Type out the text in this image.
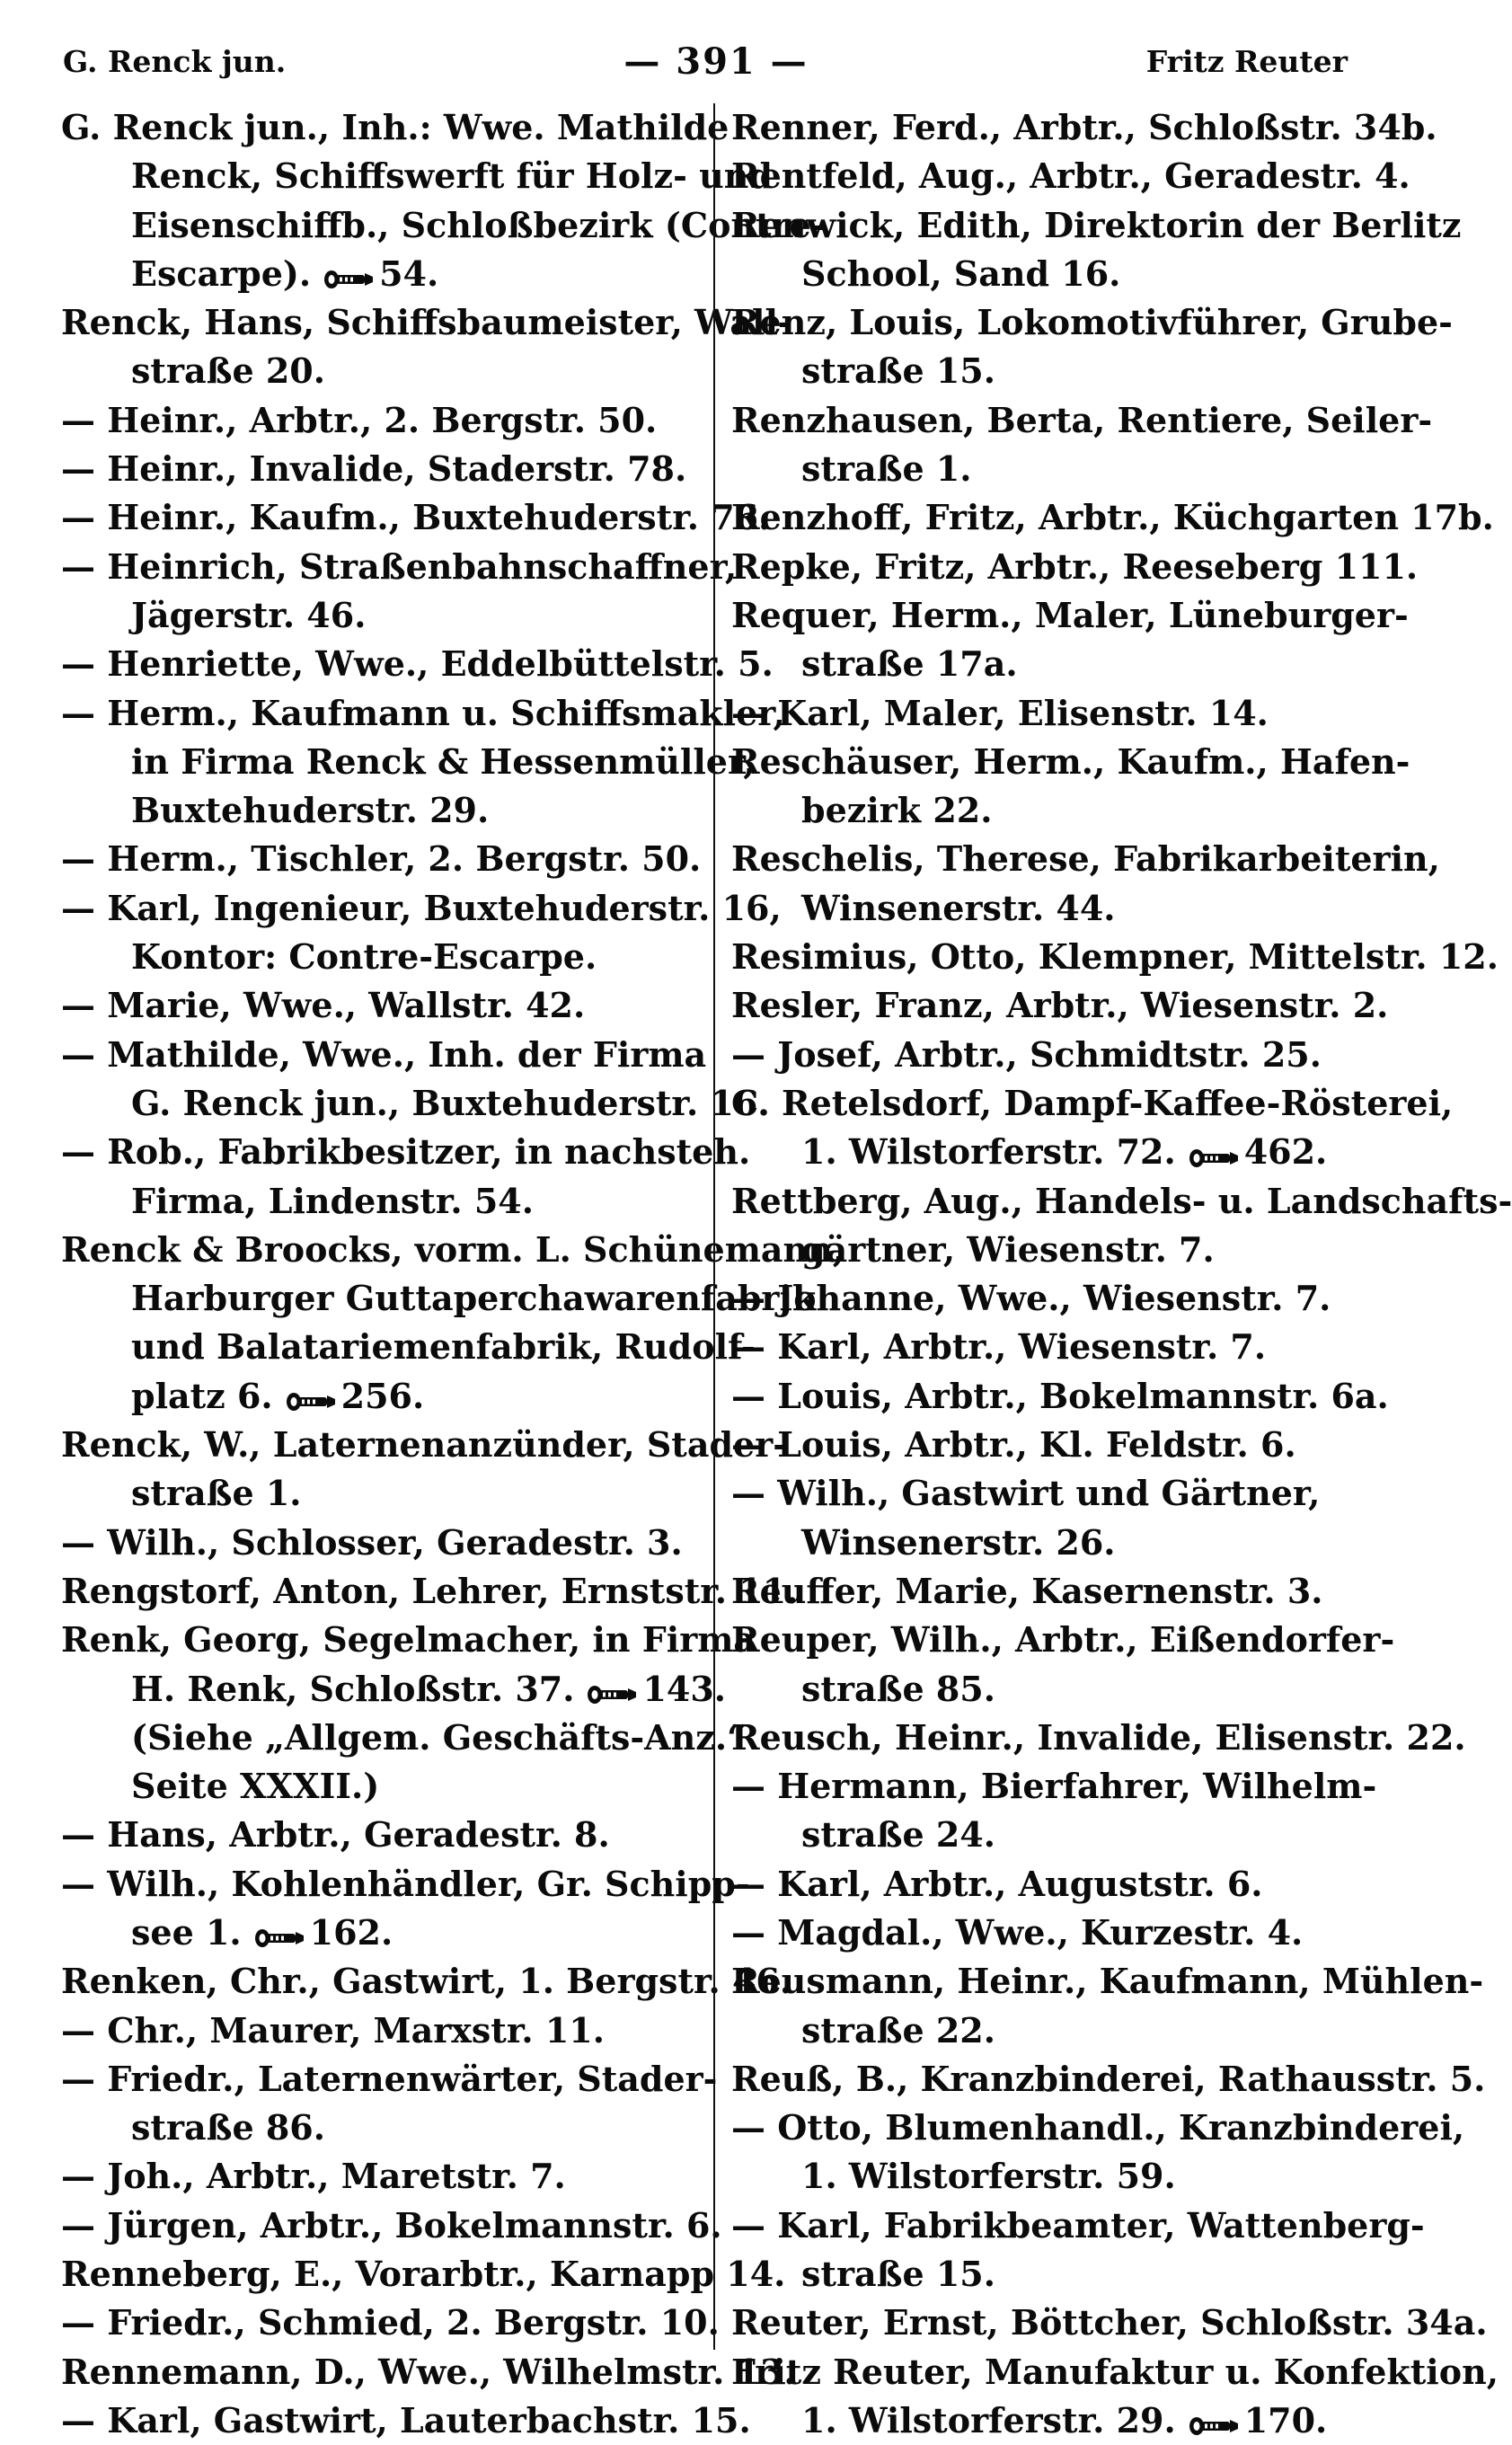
G. Renck jun.	— 391 —	Fritz Reuter
G. Renck jun., Inh.: Wwe. Mathilde
Renck, Schiffswerft für Holz- und
Eisenschiffb., Schloßbezirk (Contre-
Escarpe). 54.
Renck, Hans, Schiffsbaumeister, Wall-
straße 20.
— Heinr., Arbtr., 2. Bergstr. 50.
— Heinr., Invalide, Staderstr. 78.
— Heinr., Kaufm., Buxtehuderstr. 76.
— Heinrich, Straßenbahnschaffner,
Jägerstr. 46.
— Henriette, Wwe., Eddelbüttelstr. 5.
— Herm., Kaufmann u. Schiffsmakler,
in Firma Renck & Hessenmüller,
Buxtehuderstr. 29.
— Herm., Tischler, 2. Bergstr. 50.
— Karl, Ingenieur, Buxtehuderstr. 16,
Kontor: Contre-Escarpe.
— Marie, Wwe., Wallstr. 42.
— Mathilde, Wwe., Inh. der Firma
G. Renck jun., Buxtehuderstr. 16.
— Rob., Fabrikbesitzer, in nachsteh.
Firma, Lindenstr. 54.
Renck & Broocks, vorm. L. Schünemann,
Harburger Guttaperchawarenfabrik
und Balatariemenfabrik, Rudolf-
platz 6. 256.
Renck, W., Laternenanzünder, Stader-
straße 1.
— Wilh., Schlosser, Geradestr. 3.
Rengstorf, Anton, Lehrer, Ernststr. 11.
Renk, Georg, Segelmacher, in Firma
H. Renk, Schloßstr. 37. 143.
(Siehe „Allgem. Geschäfts-Anz.“
Seite XXXII.)
— Hans, Arbtr., Geradestr. 8.
— Wilh., Kohlenhändler, Gr. Schipp-
see 1. 162.
Renken, Chr., Gastwirt, 1. Bergstr. 46.
— Chr., Maurer, Marxstr. 11.
— Friedr., Laternenwärter, Stader-
straße 86.
— Joh., Arbtr., Maretstr. 7.
— Jürgen, Arbtr., Bokelmannstr. 6.
Renneberg, E., Vorarbtr., Karnapp 14.
— Friedr., Schmied, 2. Bergstr. 10.
Rennemann, D., Wwe., Wilhelmstr. 13.
— Karl, Gastwirt, Lauterbachstr. 15.
Renner, Ferd., Arbtr., Schloßstr. 34b.
Rentfeld, Aug., Arbtr., Geradestr. 4.
Renwick, Edith, Direktorin der Berlitz
School, Sand 16.
Renz, Louis, Lokomotivführer, Grube-
straße 15.
Renzhausen, Berta, Rentiere, Seiler-
straße 1.
Renzhoff, Fritz, Arbtr., Küchgarten 17b.
Repke, Fritz, Arbtr., Reeseberg 111.
Requer, Herm., Maler, Lüneburger-
straße 17a.
— Karl, Maler, Elisenstr. 14.
Reschäuser, Herm., Kaufm., Hafen-
bezirk 22.
Reschelis, Therese, Fabrikarbeiterin,
Winsenerstr. 44.
Resimius, Otto, Klempner, Mittelstr. 12.
Resler, Franz, Arbtr., Wiesenstr. 2.
— Josef, Arbtr., Schmidtstr. 25.
C. Retelsdorf, Dampf-Kaffee-Rösterei,
1. Wilstorferstr. 72. 462.
Rettberg, Aug., Handels- u. Landschafts-
gärtner, Wiesenstr. 7.
— Johanne, Wwe., Wiesenstr. 7.
— Karl, Arbtr., Wiesenstr. 7.
— Louis, Arbtr., Bokelmannstr. 6a.
— Louis, Arbtr., Kl. Feldstr. 6.
— Wilh., Gastwirt und Gärtner,
Winsenerstr. 26.
Reuffer, Marie, Kasernenstr. 3.
Reuper, Wilh., Arbtr., Eißendorfer-
straße 85.
Reusch, Heinr., Invalide, Elisenstr. 22.
— Hermann, Bierfahrer, Wilhelm-
straße 24.
— Karl, Arbtr., Auguststr. 6.
— Magdal., Wwe., Kurzestr. 4.
Reusmann, Heinr., Kaufmann, Mühlen-
straße 22.
Reuß, B., Kranzbinderei, Rathausstr. 5.
— Otto, Blumenhandl., Kranzbinderei,
1. Wilstorferstr. 59.
— Karl, Fabrikbeamter, Wattenberg-
straße 15.
Reuter, Ernst, Böttcher, Schloßstr. 34a.
Fritz Reuter, Manufaktur u. Konfektion,
1. Wilstorferstr. 29. 170.
